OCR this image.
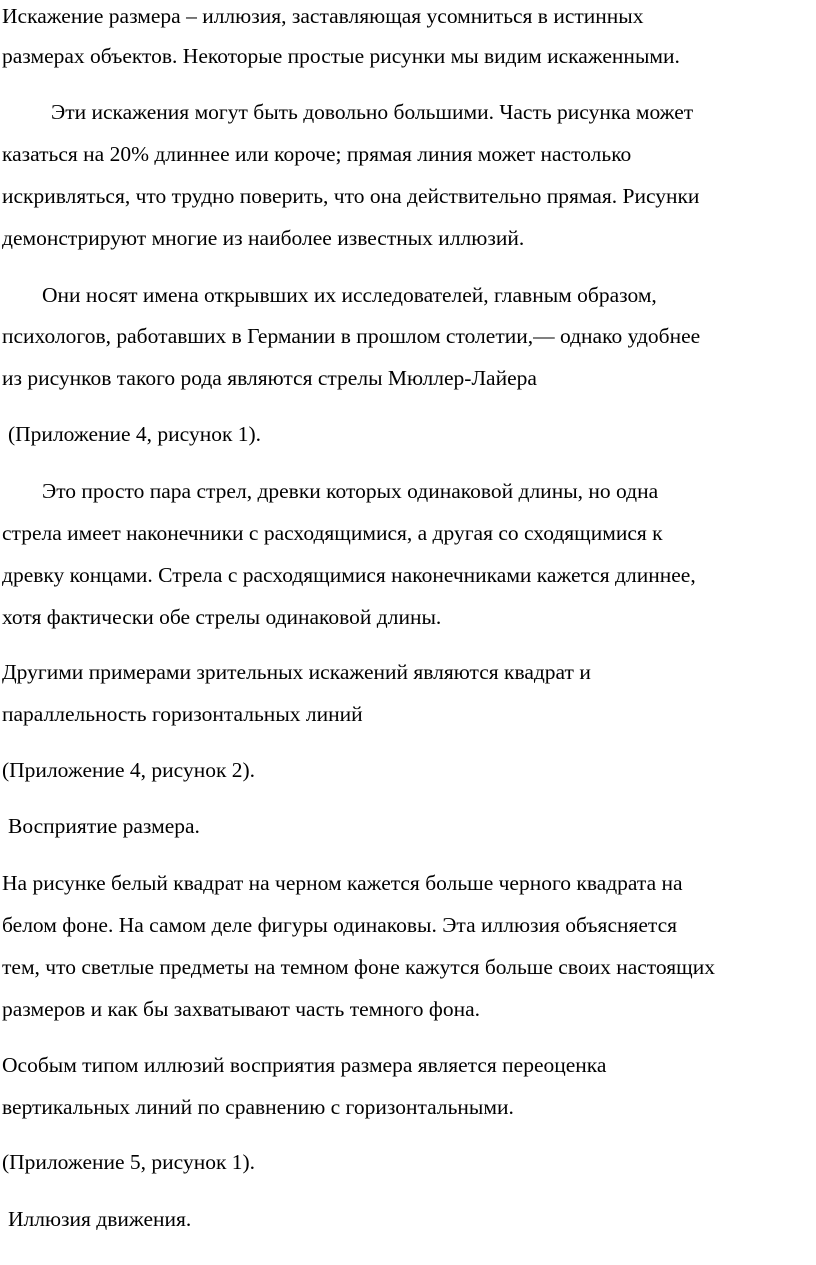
Искажение размера – иллюзия, заставляющая усомниться в истинных
размерах объектов. Некоторые простые рисунки мы видим искаженными.
Эти искажения могут быть довольно большими. Часть рисунка может
казаться на 20% длиннее или короче; прямая линия может настолько
искривляться, что трудно поверить, что она действительно прямая. Рисунки
демонстрируют многие из наиболее известных иллюзий.
Они носят имена открывших их исследователей, главным образом,
психологов, работавших в Германии в прошлом столетии,— однако удобнее
из рисунков такого рода являются стрелы Мюллер-Лайера
(Приложение 4, рисунок 1).
Это просто пара стрел, древки которых одинаковой длины, но одна
стрела имеет наконечники с расходящимися, а другая со сходящимися к
древку концами. Стрела с расходящимися наконечниками кажется длиннее,
хотя фактически обе стрелы одинаковой длины.
Другими примерами зрительных искажений являются квадрат и
параллельность горизонтальных линий
(Приложение 4, рисунок 2).
Восприятие размера.
На рисунке белый квадрат на черном кажется больше черного квадрата на
белом фоне. На самом деле фигуры одинаковы. Эта иллюзия объясняется
тем, что светлые предметы на темном фоне кажутся больше своих настоящих
размеров и как бы захватывают часть темного фона.
Особым типом иллюзий восприятия размера является переоценка
вертикальных линий по сравнению с горизонтальными.
(Приложение 5, рисунок 1).
Иллюзия движения.
